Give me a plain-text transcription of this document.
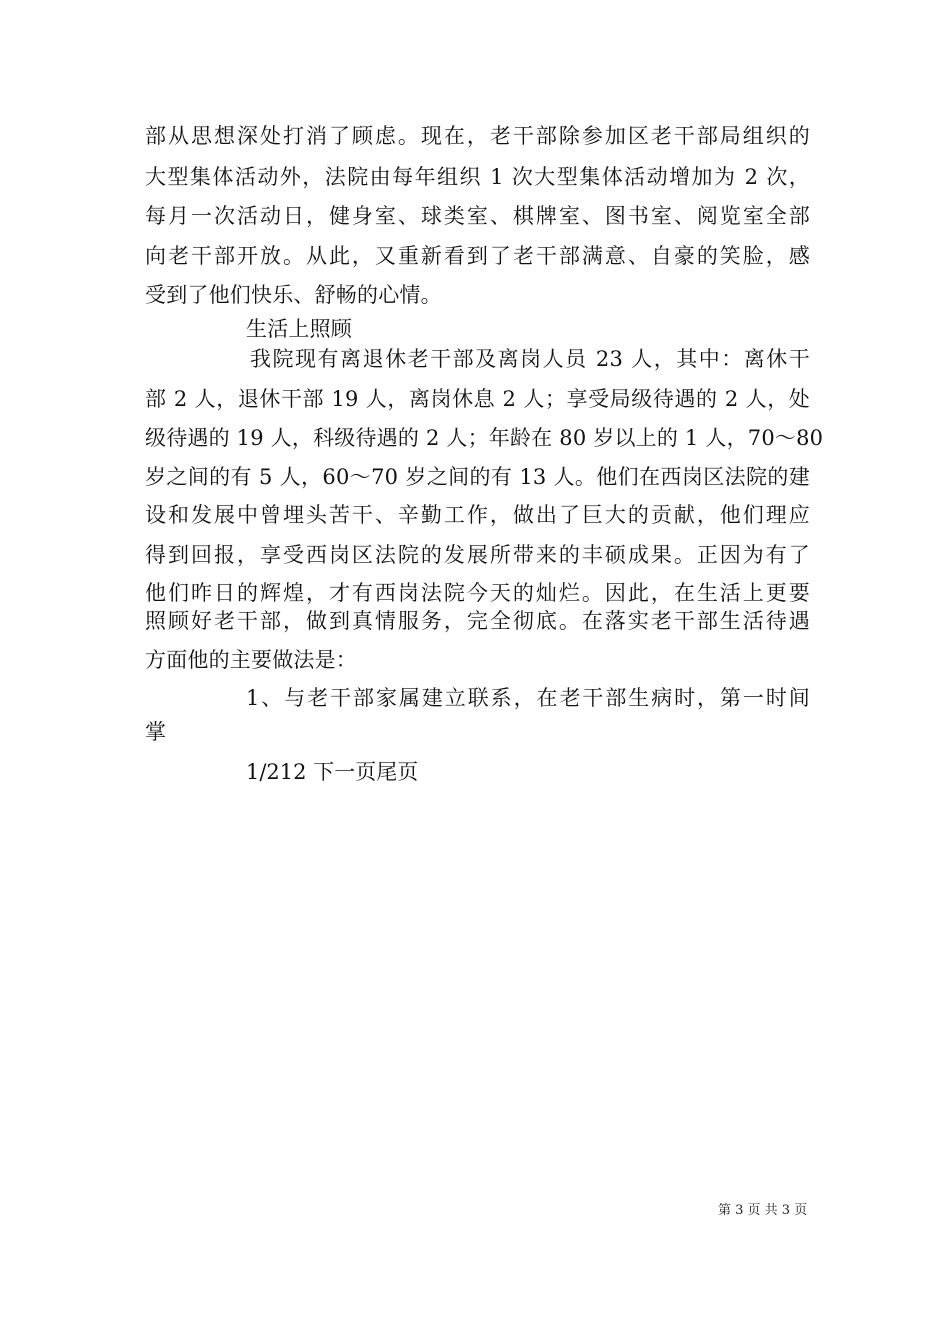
部从思想深处打消了顾虑。现在，老干部除参加区老干部局组织的
大型集体活动外，法院由每年组织 1 次大型集体活动增加为 2 次，
每月一次活动日，健身室、球类室、棋牌室、图书室、阅览室全部
向老干部开放。从此，又重新看到了老干部满意、自豪的笑脸，感
受到了他们快乐、舒畅的心情。
生活上照顾
我院现有离退休老干部及离岗人员 23 人，其中：离休干
部 2 人，退休干部 19 人，离岗休息 2 人；享受局级待遇的 2 人，处
级待遇的 19 人，科级待遇的 2 人；年龄在 80 岁以上的 1 人，70～80
岁之间的有 5 人，60～70 岁之间的有 13 人。他们在西岗区法院的建
设和发展中曾埋头苦干、辛勤工作，做出了巨大的贡献，他们理应
得到回报，享受西岗区法院的发展所带来的丰硕成果。正因为有了
他们昨日的辉煌，才有西岗法院今天的灿烂。因此，在生活上更要
照顾好老干部，做到真情服务，完全彻底。在落实老干部生活待遇
方面他的主要做法是：
1、与老干部家属建立联系，在老干部生病时，第一时间
掌
1/212 下一页尾页
第 3 页 共 3 页
